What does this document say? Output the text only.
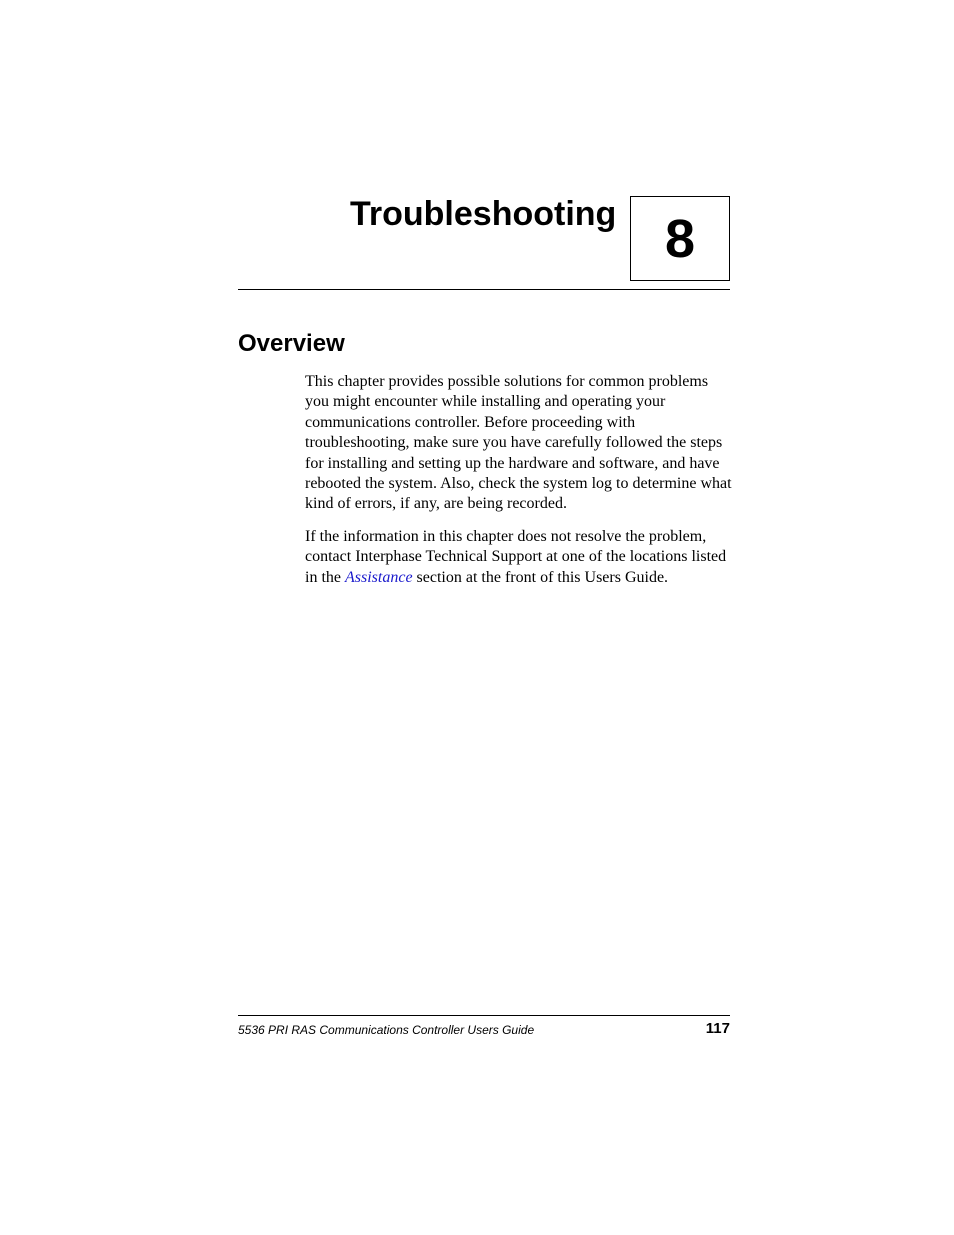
Troubleshooting 8
Overview

This chapter provides possible solutions for common problems you might encounter while installing and operating your communications controller. Before proceeding with troubleshooting, make sure you have carefully followed the steps for installing and setting up the hardware and software, and have rebooted the system. Also, check the system log to determine what kind of errors, if any, are being recorded.

If the information in this chapter does not resolve the problem, contact Interphase Technical Support at one of the locations listed in the Assistance section at the front of this Users Guide.

5536 PRI RAS Communications Controller Users Guide	117
